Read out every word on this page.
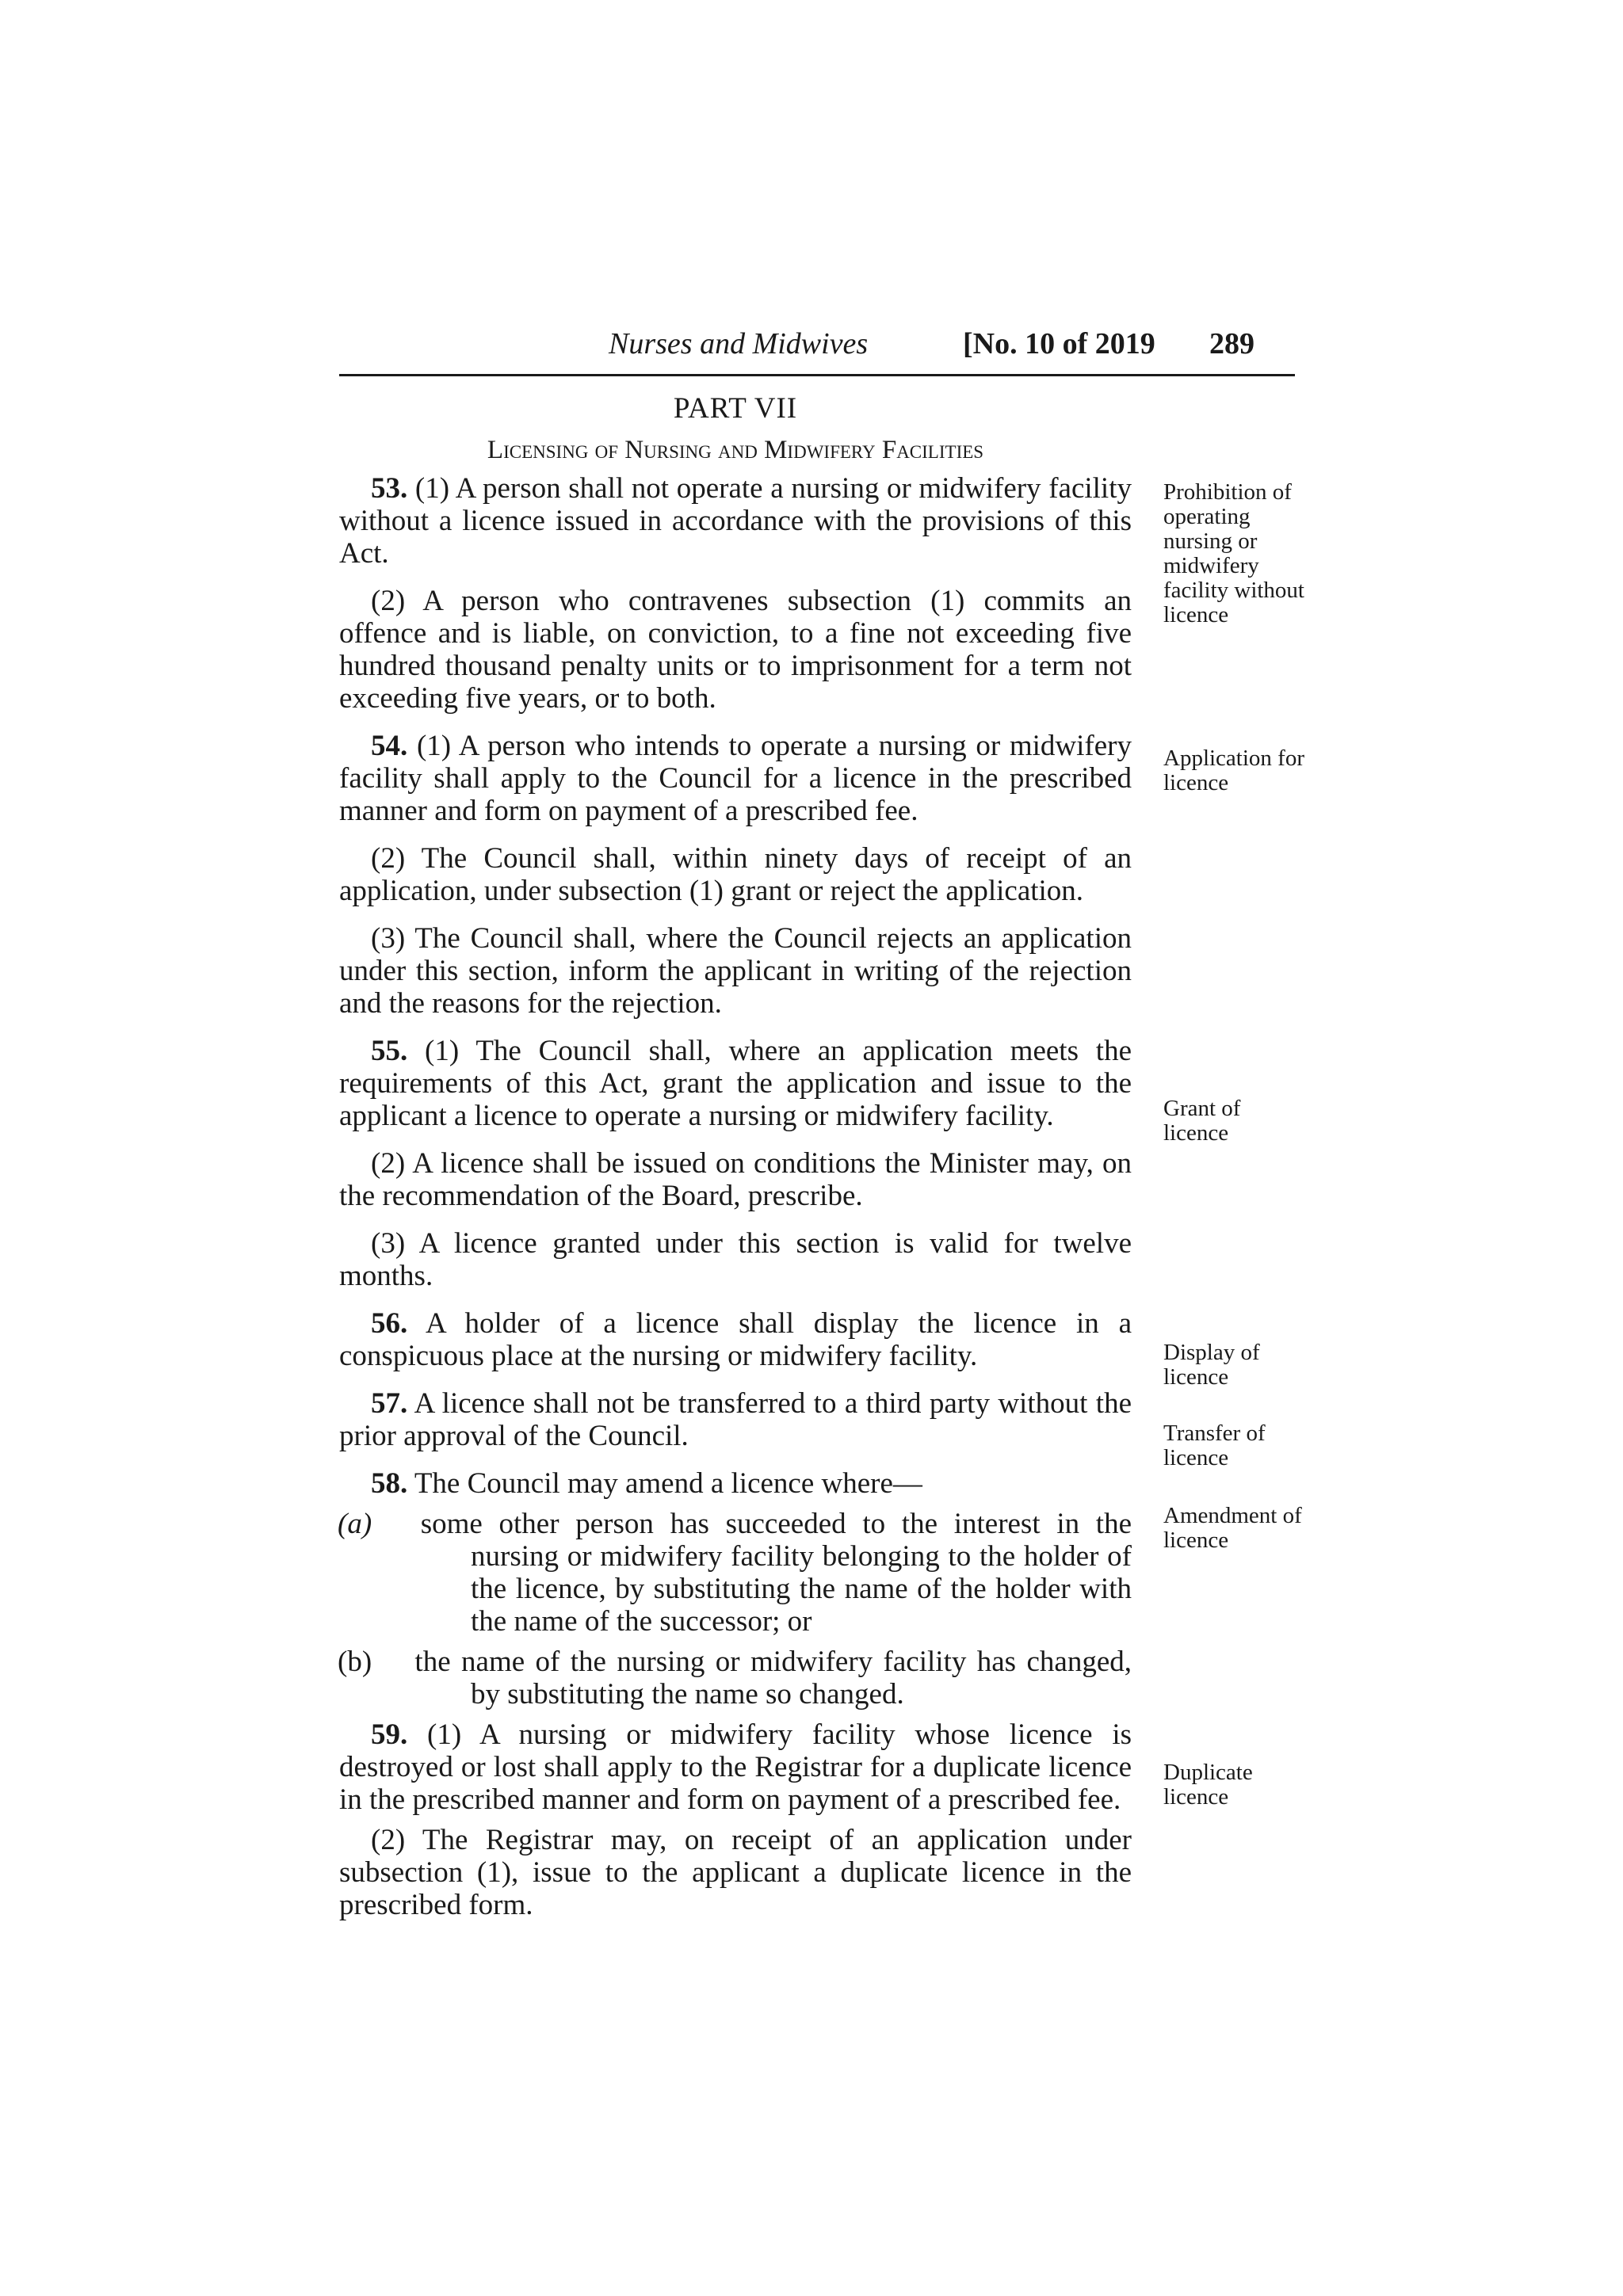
Nurses and Midwives	[No. 10 of 2019 289
PART VII
Licensing of Nursing and Midwifery Facilities

53. (1) A person shall not operate a nursing or midwifery facility without a licence issued in accordance with the provisions of this Act.

(2) A person who contravenes subsection (1) commits an offence and is liable, on conviction, to a fine not exceeding five hundred thousand penalty units or to imprisonment for a term not exceeding five years, or to both.

54. (1) A person who intends to operate a nursing or midwifery facility shall apply to the Council for a licence in the prescribed manner and form on payment of a prescribed fee.

(2) The Council shall, within ninety days of receipt of an application, under subsection (1) grant or reject the application.

(3) The Council shall, where the Council rejects an application under this section, inform the applicant in writing of the rejection and the reasons for the rejection.

55. (1) The Council shall, where an application meets the requirements of this Act, grant the application and issue to the applicant a licence to operate a nursing or midwifery facility.

(2) A licence shall be issued on conditions the Minister may, on the recommendation of the Board, prescribe.

(3) A licence granted under this section is valid for twelve months.

56. A holder of a licence shall display the licence in a conspicuous place at the nursing or midwifery facility.

57. A licence shall not be transferred to a third party without the prior approval of the Council.

58. The Council may amend a licence where—

(a) some other person has succeeded to the interest in the nursing or midwifery facility belonging to the holder of the licence, by substituting the name of the holder with the name of the successor; or
(b) the name of the nursing or midwifery facility has changed, by substituting the name so changed.

59. (1) A nursing or midwifery facility whose licence is destroyed or lost shall apply to the Registrar for a duplicate licence in the prescribed manner and form on payment of a prescribed fee.

(2) The Registrar may, on receipt of an application under subsection (1), issue to the applicant a duplicate licence in the prescribed form.

Prohibition of operating nursing or midwifery facility without licence
Application for licence
Grant of licence
Display of licence
Transfer of licence
Amendment of licence
Duplicate licence
